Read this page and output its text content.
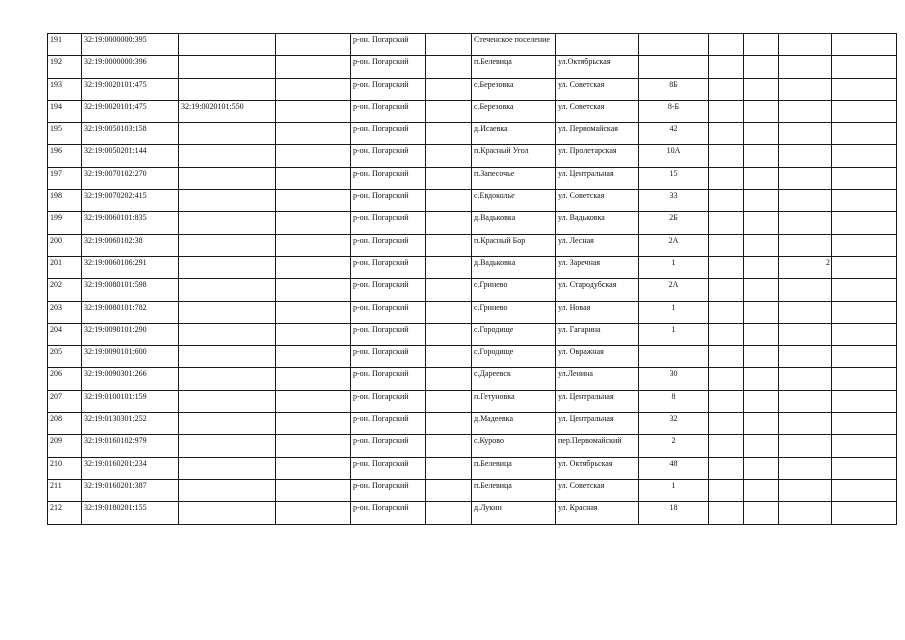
191	32:19:0000000:395			р-он. Погарский		Стеченское поселение						
192	32:19:0000000:396			р-он. Погарский		п.Белевица	ул.Октябрьская					
193	32:19:0020101:475			р-он. Погарский		с.Березовка	ул. Советская	8Б				
194	32:19:0020101:475	32:19:0020101:550		р-он. Погарский		с.Березовка	ул. Советская	8-Б				
195	32:19:0050103:158			р-он. Погарский		д.Исаевка	ул. Первомайская	42				
196	32:19:0050201:144			р-он. Погарский		п.Красный Угол	ул. Пролетарская	10А				
197	32:19:0070102:270			р-он. Погарский		п.Запесочье	ул. Центральная	15				
198	32:19:0070202:415			р-он. Погарский		с.Евдоколье	ул. Советская	33				
199	32:19:0060101:835			р-он. Погарский		д.Вадьковка	ул. Вадьковка	2Б				
200	32:19:0060102:38			р-он. Погарский		п.Красный Бор	ул. Лесная	2А				
201	32:19:0060106:291			р-он. Погарский		д.Вадьковка	ул. Заречная	1			2	
202	32:19:0080101:598			р-он. Погарский		с.Гринево	ул. Стародубская	2А				
203	32:19:0080101:782			р-он. Погарский		с.Гринево	ул. Новая	1				
204	32:19:0090101:290			р-он. Погарский		с.Городище	ул. Гагарина	1				
205	32:19:0090101:600			р-он. Погарский		с.Городище	ул. Овражная					
206	32:19:0090301:266			р-он. Погарский		с.Дареевск	ул.Ленина	30				
207	32:19:0100101:159			р-он. Погарский		п.Гетуновка	ул. Центральная	8				
208	32:19:0130301:252			р-он. Погарский		д.Мадеевка	ул. Центральная	32				
209	32:19:0160102:979			р-он. Погарский		с.Курово	пер.Первомайский	2				
210	32:19:0160201:234			р-он. Погарский		п.Белевица	ул. Октябрьская	48				
211	32:19:0160201:387			р-он. Погарский		п.Белевица	ул. Советская	1				
212	32:19:0180201:155			р-он. Погарский		д.Лукин	ул. Красная	18				
